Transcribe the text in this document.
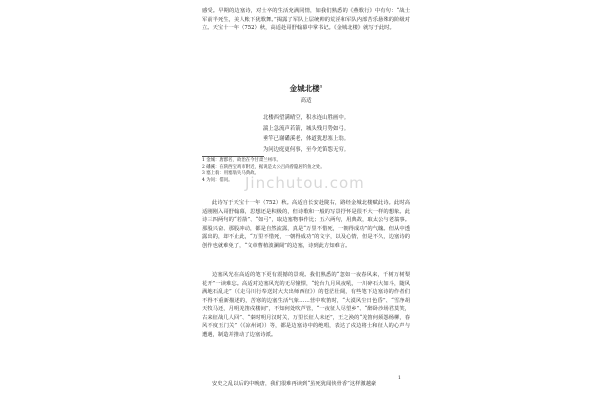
感受。早期的边塞诗，对士卒的生活充满同情，如我们熟悉的《燕歌行》中有句：“战士军前半死生，美人帐下犹歌舞。”揭露了军队上层统帅的荒淫和军队内部苦乐悬殊的阶级对立。天宝十一年（752）秋，高适赴哥舒翰幕中掌书记。《金城北楼》就写于此时。

金城北楼$^1$

高适

北楼西望满晴空，积水连山胜画中。
湍上急流声若箭，城头残月势如弓。
垂竿已谢磻溪老，体道犹思塞上翁。
为问边庭更何事，至今羌笛怨无穷。
1 金城：唐郡名，故治在今甘肃兰州市。
2 磻溪：在陕西宝鸡市附近，据说是太公吕尚曾隐居钓鱼之处。
3 塞上翁：用塞翁失马典故。
4 为问：借问。 Jinchutou.com

此诗写于天宝十一年（752）秋。高适自长安赴陇右，路经金城北楼赋此诗。此时高适刚刚入哥舒翰幕，思想还是积极的，但诗歌和一般的写景抒怀是很不大一样的想象。此诗三四两句的“若箭”、“如弓”，取边塞物事作比；五六两句，用典故，取太公与老翁事。那股兴奋、那股冲动，都是自然流露，真是“万里不惜死，一朝得成功”的气魄。但从中透露出的，却不止此，“万里不惜死，一朝得成功”的文字，以及心情，但是不久，边塞诗的创作也就难免了，“文章曹植波澜阔”的边塞，诗到此方知难言。

边塞风光在高适的笔下更有震撼的景观。我们熟悉的“忽如一夜春风来，千树万树梨花开”一读难忘。高适对边塞风光的无尽憧憬，“轮台九月风夜吼，一川碎石大如斗，随风满地石乱走”（《走马川行奉送封大夫出师西征》）的苍茫壮阔，有些笔下边塞诗的作者们不得不重新描述的，苦寒的边塞生活气象……营中吹笛时，“大漠风尘日色昏”、“雪净胡天牧马还，月明羌笛戍楼间”，不知何处吹芦管，“一夜征人尽望乡”、“醉卧沙场君莫笑，古来征战几人回”、“秦时明月汉时关，万里长征人未还”，王之涣的“羌笛何须怨杨柳，春风不度玉门关”（《凉州词》）等，都是边塞诗中的绝唱，表达了戍边将士和征人的心声与遭遇，制造并推动了边塞诗派。

安史之乱以后的中晚唐，我们很难再读到“虽死犹闻侠骨香”这样激越豪

1
